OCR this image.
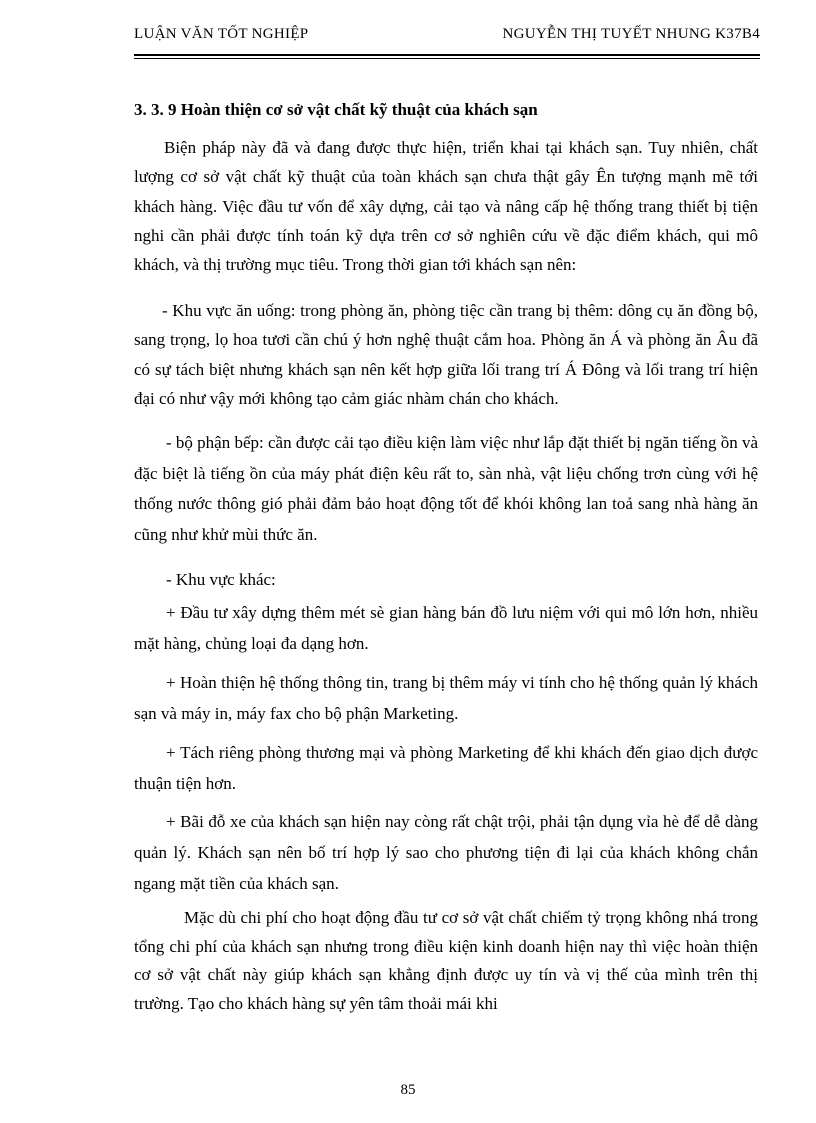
LUẬN VĂN TỐT NGHIỆP	NGUYỄN THỊ TUYẾT NHUNG K37B4
3. 3. 9 Hoàn thiện cơ sở vật chất kỹ thuật của khách sạn
Biện pháp này đã và đang được thực hiện, triển khai tại khách sạn. Tuy nhiên, chất lượng cơ sở vật chất kỹ thuật của toàn khách sạn chưa thật gây Ên tượng mạnh mẽ tới khách hàng. Việc đầu tư vốn để xây dựng, cải tạo và nâng cấp hệ thống trang thiết bị tiện nghi cần phải được tính toán kỹ dựa trên cơ sở nghiên cứu về đặc điểm khách, qui mô khách, và thị trường mục tiêu. Trong thời gian tới khách sạn nên:
- Khu vực ăn uống: trong phòng ăn, phòng tiệc cần trang bị thêm: dông cụ ăn đồng bộ, sang trọng, lọ hoa tươi cần chú ý hơn nghệ thuật cắm hoa. Phòng ăn Á và phòng ăn Âu đã có sự tách biệt nhưng khách sạn nên kết hợp giữa lối trang trí Á Đông và lối trang trí hiện đại có như vậy mới không tạo cảm giác nhàm chán cho khách.
- bộ phận bếp: cần được cải tạo điều kiện làm việc như lắp đặt thiết bị ngăn tiếng ồn và đặc biệt là tiếng ồn của máy phát điện kêu rất to, sàn nhà, vật liệu chống trơn cùng với hệ thống nước thông gió phải đảm bảo hoạt động tốt để khói không lan toả sang nhà hàng ăn cũng như khử mùi thức ăn.
- Khu vực khác:
+ Đầu tư xây dựng thêm mét sè gian hàng bán đồ lưu niệm với qui mô lớn hơn, nhiều mặt hàng, chủng loại đa dạng hơn.
+ Hoàn thiện hệ thống thông tin, trang bị thêm máy vi tính cho hệ thống quản lý khách sạn và máy in, máy fax cho bộ phận Marketing.
+ Tách riêng phòng thương mại và phòng Marketing để khi khách đến giao dịch được thuận tiện hơn.
+ Bãi đỗ xe của khách sạn hiện nay còng rất chật trội, phải tận dụng vỉa hè để dễ dàng quản lý. Khách sạn nên bố trí hợp lý sao cho phương tiện đi lại của khách không chắn ngang mặt tiền của khách sạn.
Mặc dù chi phí cho hoạt động đầu tư cơ sở vật chất chiếm tỷ trọng không nhá trong tổng chi phí của khách sạn nhưng trong điều kiện kinh doanh hiện nay thì việc hoàn thiện cơ sở vật chất này giúp khách sạn khẳng định được uy tín và vị thế của mình trên thị trường. Tạo cho khách hàng sự yên tâm thoải mái khi
85
